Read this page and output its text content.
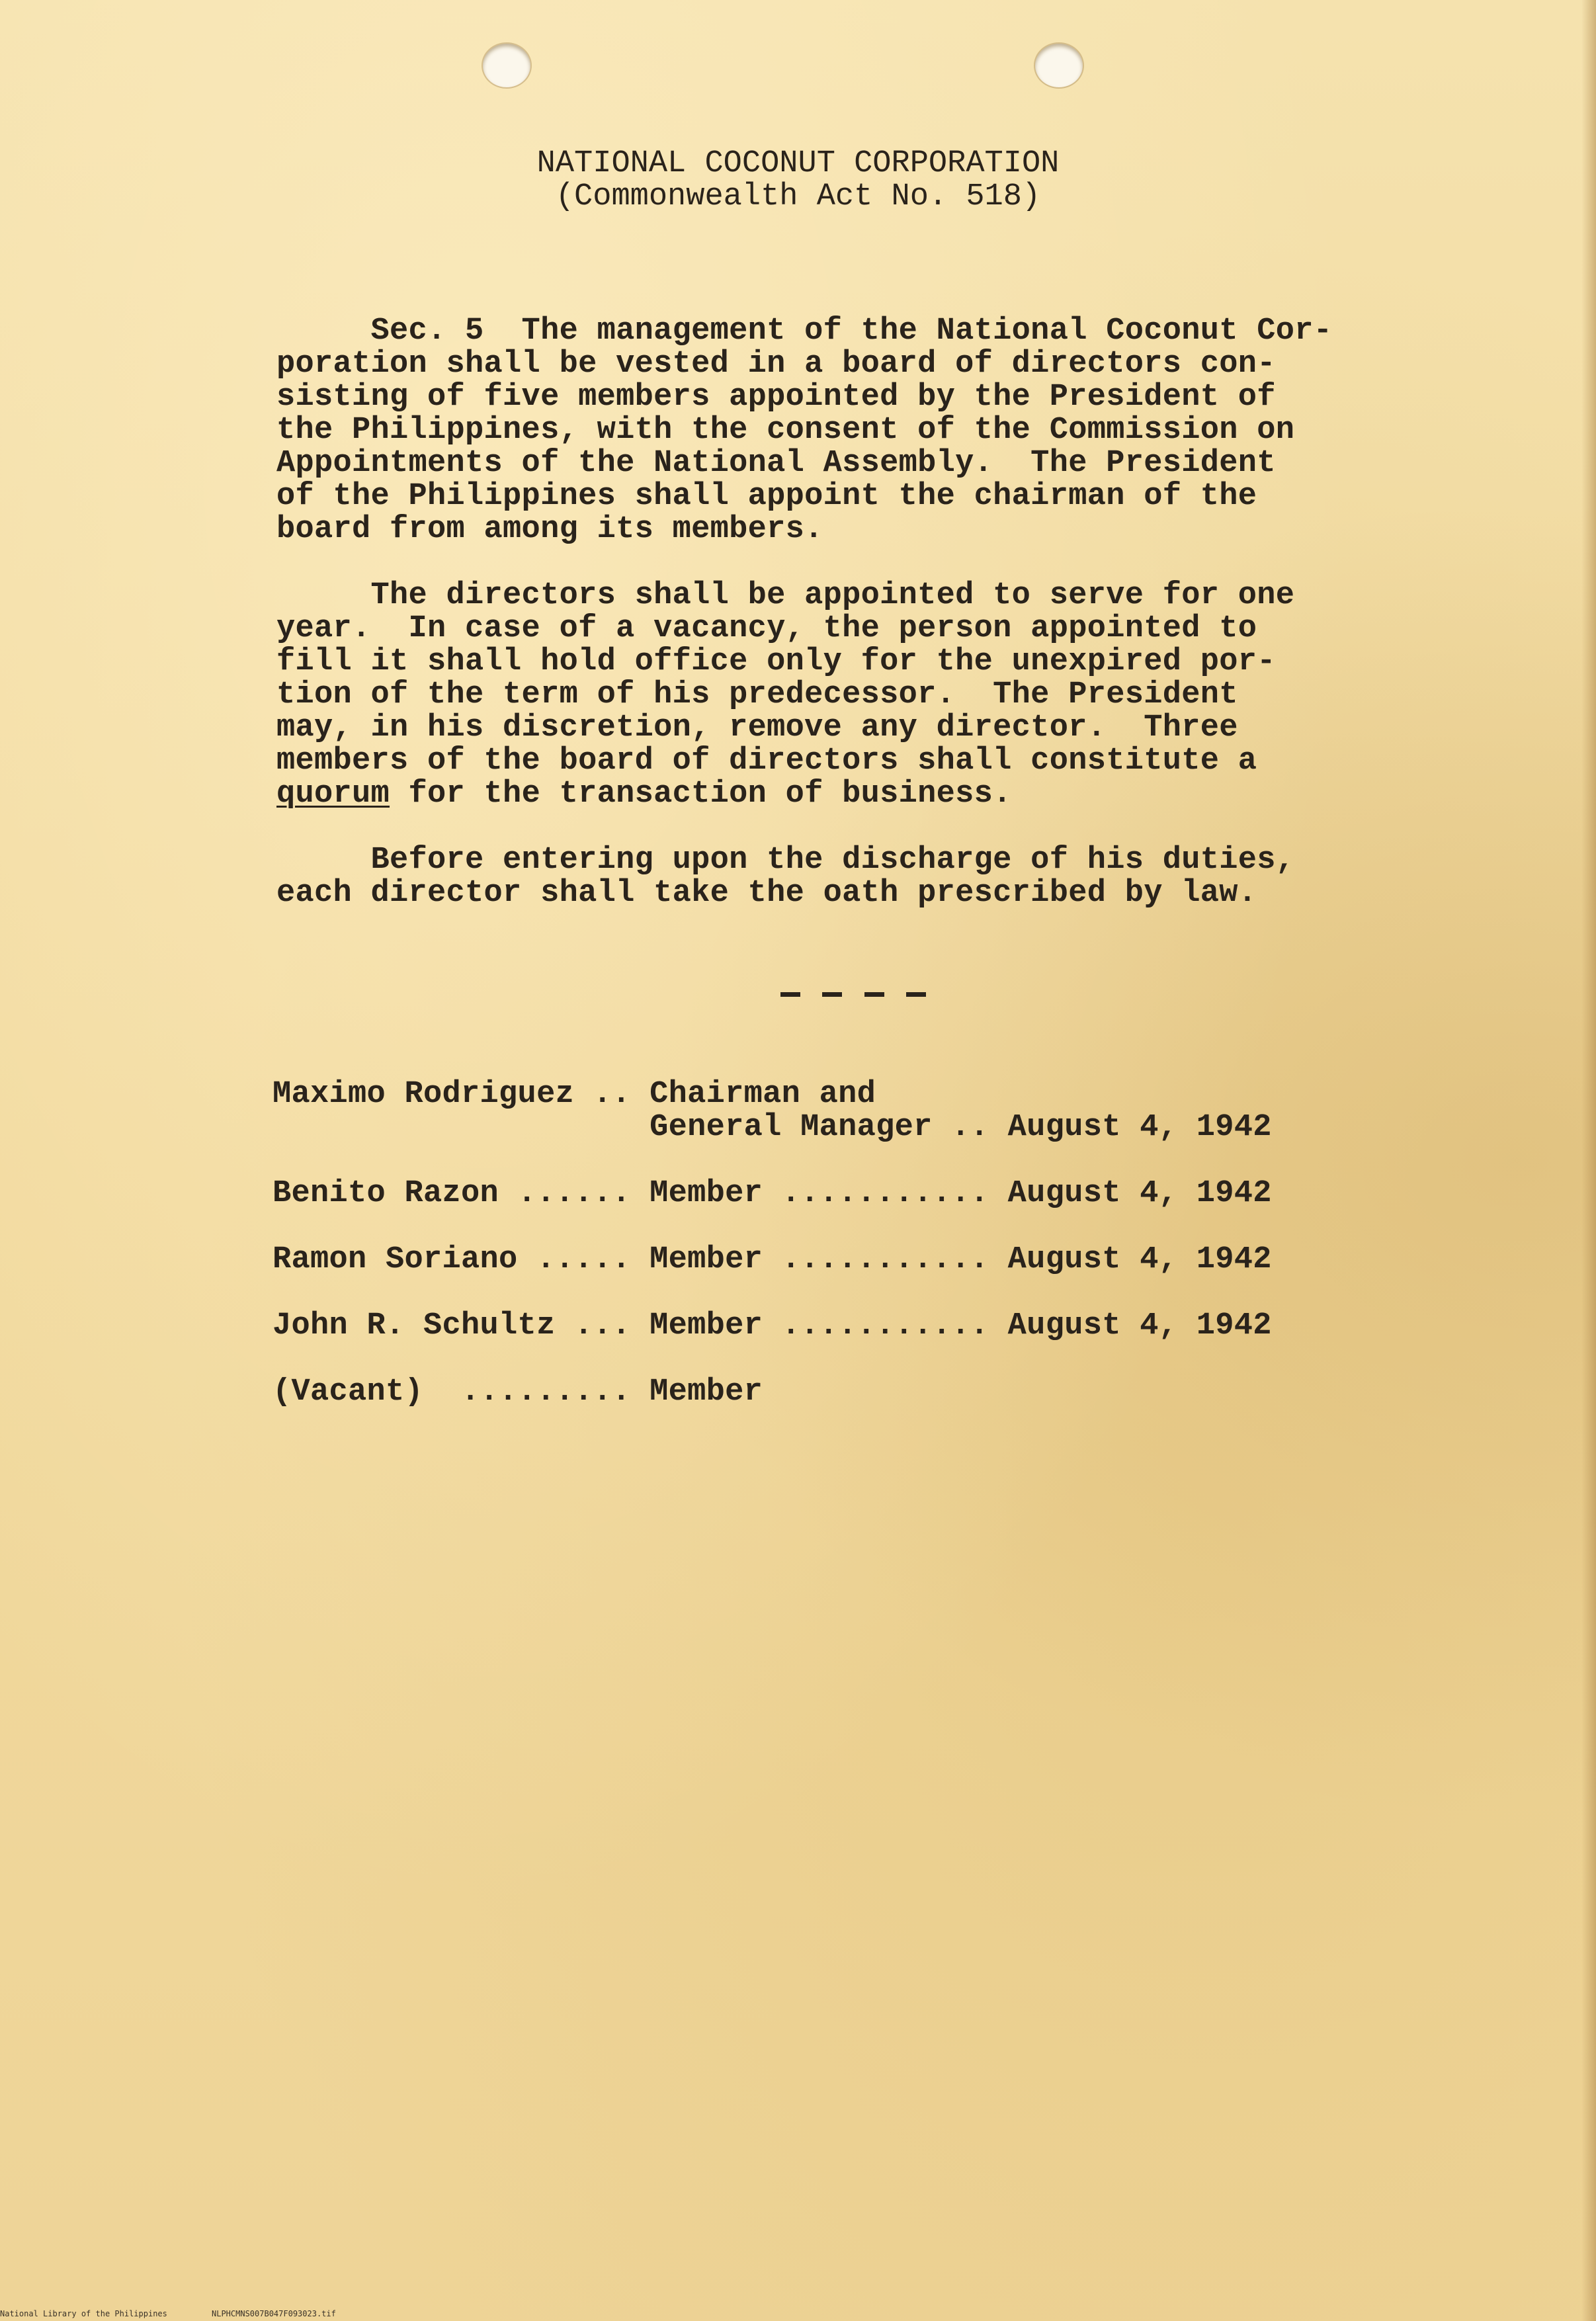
NATIONAL COCONUT CORPORATION
(Commonwealth Act No. 518)
Sec. 5  The management of the National Coconut Cor-
poration shall be vested in a board of directors con-
sisting of five members appointed by the President of
the Philippines, with the consent of the Commission on
Appointments of the National Assembly.  The President
of the Philippines shall appoint the chairman of the
board from among its members.
The directors shall be appointed to serve for one
year.  In case of a vacancy, the person appointed to
fill it shall hold office only for the unexpired por-
tion of the term of his predecessor.  The President
may, in his discretion, remove any director.  Three
members of the board of directors shall constitute a
quorum for the transaction of business.
Before entering upon the discharge of his duties,
each director shall take the oath prescribed by law.
Maximo Rodriguez .. Chairman and
General Manager .. August 4, 1942
Benito Razon ...... Member ........... August 4, 1942
Ramon Soriano ..... Member ........... August 4, 1942
John R. Schultz ... Member ........... August 4, 1942
(Vacant)  ......... Member
National Library of the Philippines	NLPHCMNS007B047F093023.tif
